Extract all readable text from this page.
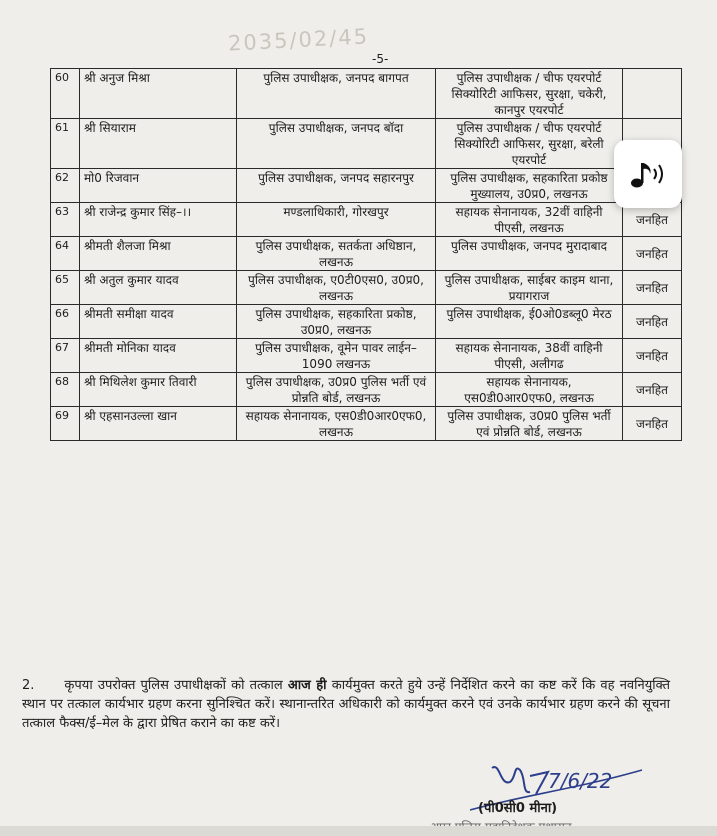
2035/02/45
-5-
60	श्री अनुज मिश्रा	पुलिस उपाधीक्षक, जनपद बागपत	पुलिस उपाधीक्षक / चीफ एयरपोर्ट सिक्योरिटी आफिसर, सुरक्षा, चकेरी, कानपुर एयरपोर्ट	
61	श्री सियाराम	पुलिस उपाधीक्षक, जनपद बॉदा	पुलिस उपाधीक्षक / चीफ एयरपोर्ट सिक्योरिटी आफिसर, सुरक्षा, बरेली एयरपोर्ट	
62	मो0 रिजवान	पुलिस उपाधीक्षक, जनपद सहारनपुर	पुलिस उपाधीक्षक, सहकारिता प्रकोष्ठ मुख्यालय, उ0प्र0, लखनऊ	
63	श्री राजेन्द्र कुमार सिंह–।।	मण्डलाधिकारी, गोरखपुर	सहायक सेनानायक, 32वीं वाहिनी पीएसी, लखनऊ	जनहित
64	श्रीमती शैलजा मिश्रा	पुलिस उपाधीक्षक, सतर्कता अधिष्ठान, लखनऊ	पुलिस उपाधीक्षक, जनपद मुरादाबाद	जनहित
65	श्री अतुल कुमार यादव	पुलिस उपाधीक्षक, ए0टी0एस0, उ0प्र0, लखनऊ	पुलिस उपाधीक्षक, साईबर काइम थाना, प्रयागराज	जनहित
66	श्रीमती समीक्षा यादव	पुलिस उपाधीक्षक, सहकारिता प्रकोष्ठ, उ0प्र0, लखनऊ	पुलिस उपाधीक्षक, ई0ओ0डब्लू0 मेरठ	जनहित
67	श्रीमती मोनिका यादव	पुलिस उपाधीक्षक, वूमेन पावर लाईन–1090 लखनऊ	सहायक सेनानायक, 38वीं वाहिनी पीएसी, अलीगढ	जनहित
68	श्री मिथिलेश कुमार तिवारी	पुलिस उपाधीक्षक, उ0प्र0 पुलिस भर्ती एवं प्रोन्नति बोर्ड, लखनऊ	सहायक सेनानायक, एस0डी0आर0एफ0, लखनऊ	जनहित
69	श्री एहसानउल्ला खान	सहायक सेनानायक, एस0डी0आर0एफ0, लखनऊ	पुलिस उपाधीक्षक, उ0प्र0 पुलिस भर्ती एवं प्रोन्नति बोर्ड, लखनऊ	जनहित
2. कृपया उपरोक्त पुलिस उपाधीक्षकों को तत्काल आज ही कार्यमुक्त करते हुये उन्हें निर्देशित करने का कष्ट करें कि वह नवनियुक्ति स्थान पर तत्काल कार्यभार ग्रहण करना सुनिश्चित करें। स्थानान्तरित अधिकारी को कार्यमुक्त करने एवं उनके कार्यभार ग्रहण करने की सूचना तत्काल फैक्स/ई–मेल के द्वारा प्रेषित कराने का कष्ट करें।
7/6/22
(पी0सी0 मीना)
